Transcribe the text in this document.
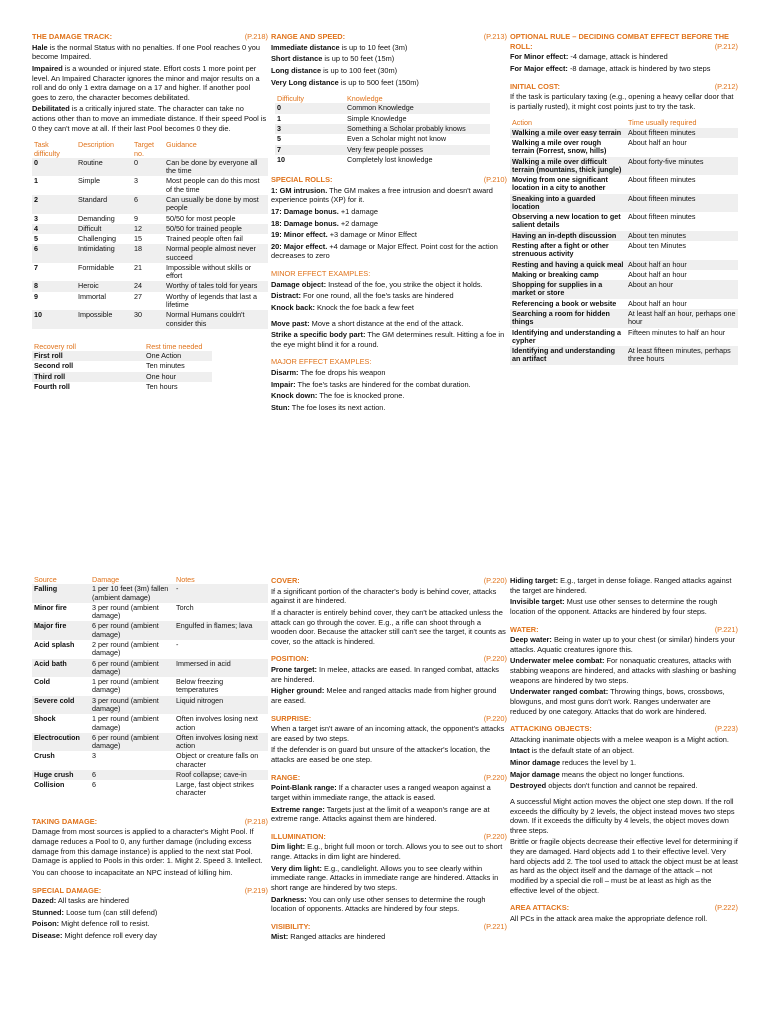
THE DAMAGE TRACK:	(P.218)

Hale is the normal Status with no penalties. If one Pool reaches 0 you become Impaired.

Impaired is a wounded or injured state. Effort costs 1 more point per level. An Impaired Character ignores the minor and major results on a roll and do only 1 extra damage on a 17 and higher. If another pool goes to zero, the character becomes debilitated.

Debilitated is a critically injured state. The character can take no actions other than to move an immediate distance. If their speed Pool is 0 they can't move at all. If their last Pool becomes 0 they die.

Task difficulty	Description	Target no.	Guidance
0	Routine	0	Can be done by everyone all the time
1	Simple	3	Most people can do this most of the time
2	Standard	6	Can usually be done by most people
3	Demanding	9	50/50 for most people
4	Difficult	12	50/50 for trained people
5	Challenging	15	Trained people often fail
6	Intimidating	18	Normal people almost never succeed
7	Formidable	21	Impossible without skills or effort
8	Heroic	24	Worthy of tales told for years
9	Immortal	27	Worthy of legends that last a lifetime
10	Impossible	30	Normal Humans couldn't consider this
Recovery roll	Rest time needed
First roll	One Action
Second roll	Ten minutes
Third roll	One hour
Fourth roll	Ten hours
RANGE AND SPEED:	(P.213)

Immediate distance is up to 10 feet (3m)

Short distance is up to 50 feet (15m)

Long distance is up to 100 feet (30m)

Very Long distance is up to 500 feet (150m)

Difficulty	Knowledge
0	Common Knowledge
1	Simple Knowledge
3	Something a Scholar probably knows
5	Even a Scholar might not know
7	Very few people posses
10	Completely lost knowledge
SPECIAL ROLLS:	(P.210)

1: GM intrusion. The GM makes a free intrusion and doesn't award experience points (XP) for it.

17: Damage bonus. +1 damage

18: Damage bonus. +2 damage

19: Minor effect. +3 damage or Minor Effect

20: Major effect. +4 damage or Major Effect. Point cost for the action decreases to zero

MINOR EFFECT EXAMPLES:

Damage object: Instead of the foe, you strike the object it holds.

Distract: For one round, all the foe's tasks are hindered

Knock back: Knock the foe back a few feet

Move past: Move a short distance at the end of the attack.

Strike a specific body part: The GM determines result. Hitting a foe in the eye might blind it for a round.

MAJOR EFFECT EXAMPLES:

Disarm: The foe drops his weapon

Impair: The foe's tasks are hindered for the combat duration.

Knock down: The foe is knocked prone.

Stun: The foe loses its next action.

OPTIONAL RULE – DECIDING COMBAT EFFECT BEFORE THE ROLL:	(P.212)

For Minor effect: -4 damage, attack is hindered

For Major effect: -8 damage, attack is hindered by two steps

INITIAL COST:	(P.212)

If the task is particulary taxing (e.g., opening a heavy cellar door that is partially rusted), it might cost points just to try the task.

Action	Time usually required
Walking a mile over easy terrain	About fifteen minutes
Walking a mile over rough terrain (Forrest, snow, hills)	About half an hour
Walking a mile over difficult terrain (mountains, thick jungle)	About forty-five minutes
Moving from one significant location in a city to another	About fifteen minutes
Sneaking into a guarded location	About fifteen minutes
Observing a new location to get salient details	About fifteen minutes
Having an in-depth discussion	About ten minutes
Resting after a fight or other strenuous activity	About ten Minutes
Resting and having a quick meal	About half an hour
Making or breaking camp	About half an hour
Shopping for supplies in a market or store	About an hour
Referencing a book or website	About half an hour
Searching a room for hidden things	At least half an hour, perhaps one hour
Identifying and understanding a cypher	Fifteen minutes to half an hour
Identifying and understanding an artifact	At least fifteen minutes, perhaps three hours
Source	Damage	Notes
Falling	1 per 10 feet (3m) fallen (ambient damage)	-
Minor fire	3 per round (ambient damage)	Torch
Major fire	6 per round (ambient damage)	Engulfed in flames; lava
Acid splash	2 per round (ambient damage)	-
Acid bath	6 per round (ambient damage)	Immersed in acid
Cold	1 per round (ambient damage)	Below freezing temperatures
Severe cold	3 per round (ambient damage)	Liquid nitrogen
Shock	1 per round (ambient damage)	Often involves losing next action
Electrocution	6 per round (ambient damage)	Often involves losing next action
Crush	3	Object or creature falls on character
Huge crush	6	Roof collapse; cave-in
Collision	6	Large, fast object strikes character
TAKING DAMAGE:	(P.218)

Damage from most sources is applied to a character's Might Pool. If damage reduces a Pool to 0, any further damage (including excess damage from this damage instance) is applied to the next stat Pool. Damage is applied to Pools in this order: 1. Might 2. Speed 3. Intellect.

You can choose to incapacitate an NPC instead of killing him.

SPECIAL DAMAGE:	(P.219)

Dazed: All tasks are hindered

Stunned: Loose turn (can still defend)

Poison: Might defence roll to resist.

Disease: Might defence roll every day

COVER:	(P.220)

If a significant portion of the character's body is behind cover, attacks against it are hindered.

If a character is entirely behind cover, they can't be attacked unless the attack can go through the cover. E.g., a rifle can shoot through a wooden door. Because the attacker still can't see the target, it counts as cover, so the attack is hindered.

POSITION:	(P.220)

Prone target: In melee, attacks are eased. In ranged combat, attacks are hindered.

Higher ground: Melee and ranged attacks made from higher ground are eased.

SURPRISE:	(P.220)

When a target isn't aware of an incoming attack, the opponent's attacks are eased by two steps.

If the defender is on guard but unsure of the attacker's location, the attacks are eased be one step.

RANGE:	(P.220)

Point-Blank range: If a character uses a ranged weapon against a target within immediate range, the attack is eased.

Extreme range: Targets just at the limit of a weapon's range are at extreme range. Attacks against them are hindered.

ILLUMINATION:	(P.220)

Dim light: E.g., bright full moon or torch. Allows you to see out to short range. Attacks in dim light are hindered.

Very dim light: E.g., candlelight. Allows you to see clearly within immediate range. Attacks in immediate range are hindered. Attacks in short range are hindered by two steps.

Darkness: You can only use other senses to determine the rough location of opponents. Attacks are hindered by four steps.

VISIBILITY:	(P.221)

Mist: Ranged attacks are hindered

Hiding target: E.g., target in dense foliage. Ranged attacks against the target are hindered.

Invisible target: Must use other senses to determine the rough location of the opponent. Attacks are hindered by four steps.

WATER:	(P.221)

Deep water: Being in water up to your chest (or similar) hinders your attacks. Aquatic creatures ignore this.

Underwater melee combat: For nonaquatic creatures, attacks with stabbing weapons are hindered, and attacks with slashing or bashing weapons are hindered by two steps.

Underwater ranged combat: Throwing things, bows, crossbows, blowguns, and most guns don't work. Ranges underwater are reduced by one category. Attacks that do work are hindered.

ATTACKING OBJECTS:	(P.223)

Attacking inanimate objects with a melee weapon is a Might action.

Intact is the default state of an object.

Minor damage reduces the level by 1.

Major damage means the object no longer functions.

Destroyed objects don't function and cannot be repaired.

A successful Might action moves the object one step down. If the roll exceeds the difficulty by 2 levels, the object instead moves two steps down. If it exceeds the difficulty by 4 levels, the object moves down three steps.

Brittle or fragile objects decrease their effective level for determining if they are damaged. Hard objects add 1 to their effective level. Very hard objects add 2. The tool used to attack the object must be at least as hard as the object itself and the damage of the attack – not modified by a special die roll – must be at least as high as the effective level of the object.

AREA ATTACKS:	(P.222)

All PCs in the attack area make the appropriate defence roll.
